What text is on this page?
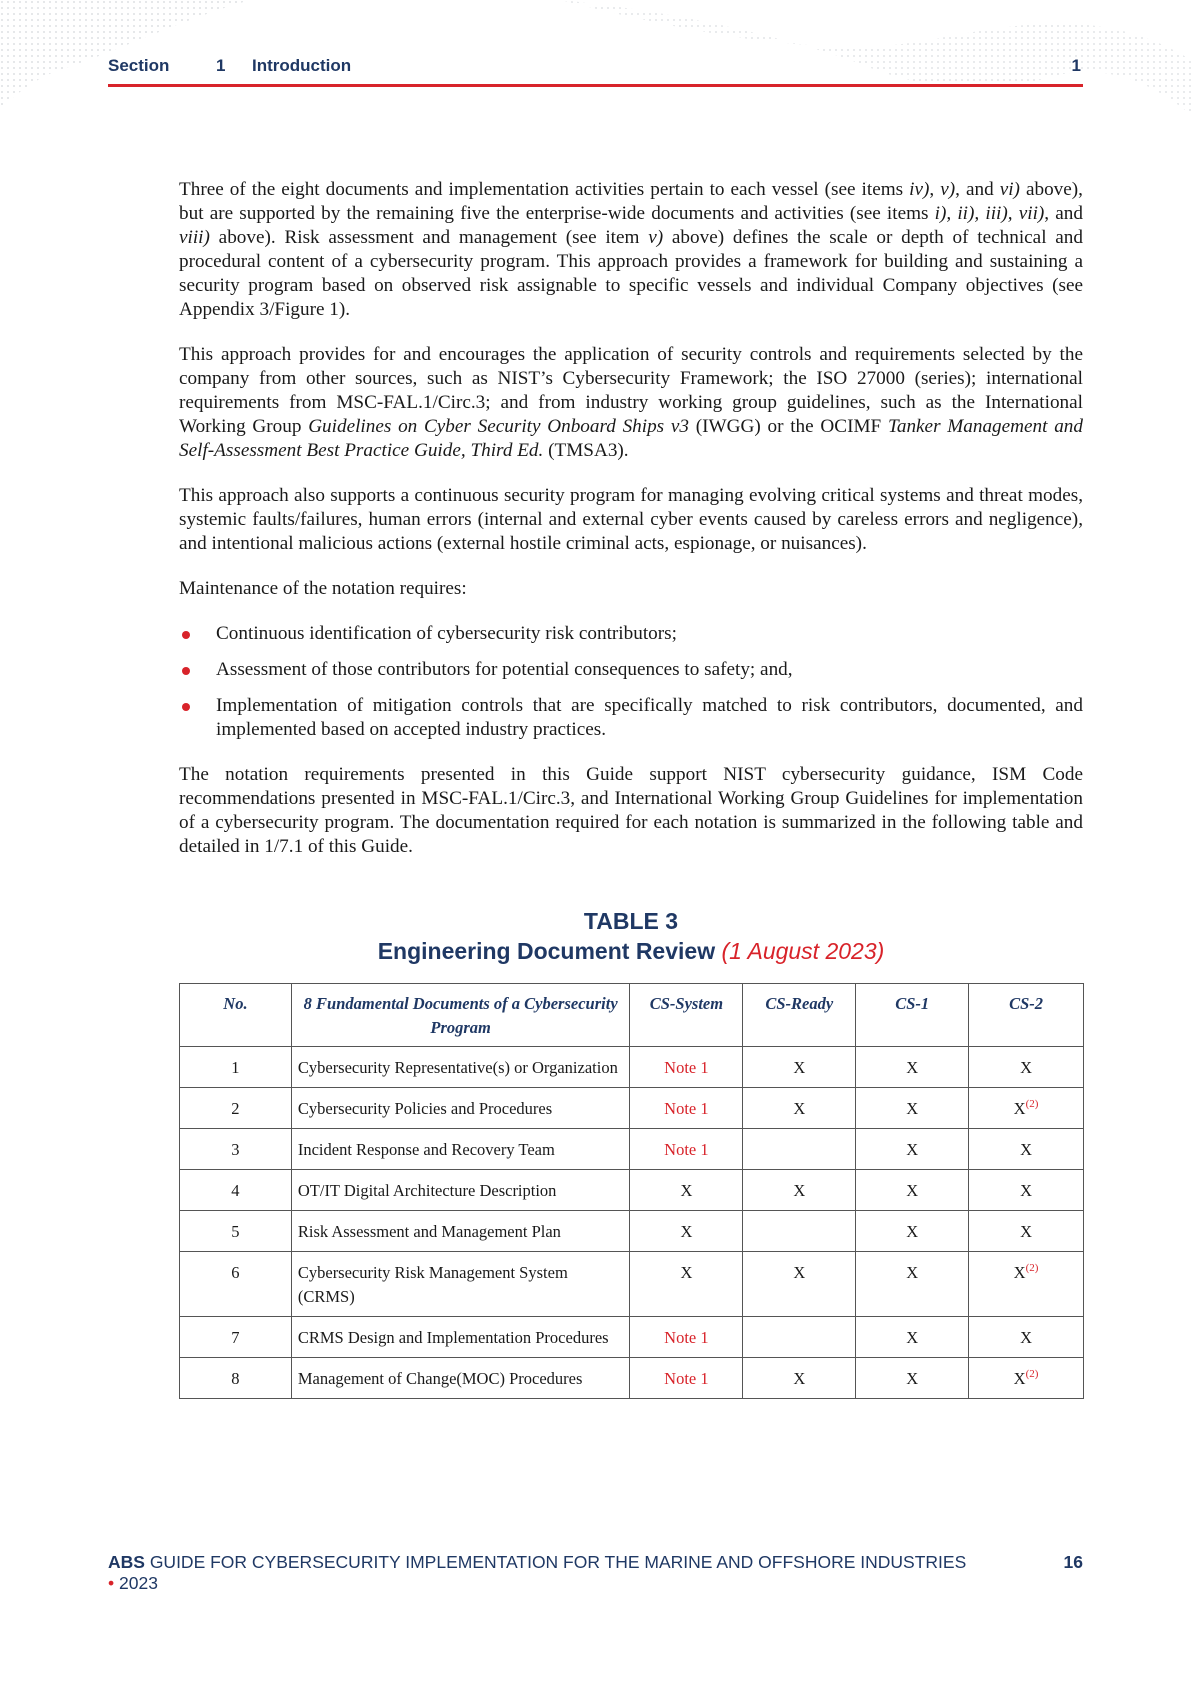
Section	1 Introduction	1

Three of the eight documents and implementation activities pertain to each vessel (see items iv), v), and vi) above), but are supported by the remaining five the enterprise-wide documents and activities (see items i), ii), iii), vii), and viii) above). Risk assessment and management (see item v) above) defines the scale or depth of technical and procedural content of a cybersecurity program. This approach provides a framework for building and sustaining a security program based on observed risk assignable to specific vessels and individual Company objectives (see Appendix 3/Figure 1).

This approach provides for and encourages the application of security controls and requirements selected by the company from other sources, such as NIST’s Cybersecurity Framework; the ISO 27000 (series); international requirements from MSC-FAL.1/Circ.3; and from industry working group guidelines, such as the International Working Group Guidelines on Cyber Security Onboard Ships v3 (IWGG) or the OCIMF Tanker Management and Self-Assessment Best Practice Guide, Third Ed. (TMSA3).

This approach also supports a continuous security program for managing evolving critical systems and threat modes, systemic faults/failures, human errors (internal and external cyber events caused by careless errors and negligence), and intentional malicious actions (external hostile criminal acts, espionage, or nuisances).

Maintenance of the notation requires:

Continuous identification of cybersecurity risk contributors;
Assessment of those contributors for potential consequences to safety; and,
Implementation of mitigation controls that are specifically matched to risk contributors, documented, and implemented based on accepted industry practices.

The notation requirements presented in this Guide support NIST cybersecurity guidance, ISM Code recommendations presented in MSC-FAL.1/Circ.3, and International Working Group Guidelines for implementation of a cybersecurity program. The documentation required for each notation is summarized in the following table and detailed in 1/7.1 of this Guide.

TABLE 3
Engineering Document Review (1 August 2023)
No.	8 Fundamental Documents of a Cybersecurity Program	CS-System	CS-Ready	CS-1	CS-2
1	Cybersecurity Representative(s) or Organization	Note 1	X	X	X
2	Cybersecurity Policies and Procedures	Note 1	X	X	X$^{(2)}$
3	Incident Response and Recovery Team	Note 1		X	X
4	OT/IT Digital Architecture Description	X	X	X	X
5	Risk Assessment and Management Plan	X		X	X
6	Cybersecurity Risk Management System (CRMS)	X	X	X	X$^{(2)}$
7	CRMS Design and Implementation Procedures	Note 1		X	X
8	Management of Change(MOC) Procedures	Note 1	X	X	X$^{(2)}$
ABS GUIDE FOR CYBERSECURITY IMPLEMENTATION FOR THE MARINE AND OFFSHORE INDUSTRIES
• 2023
16
